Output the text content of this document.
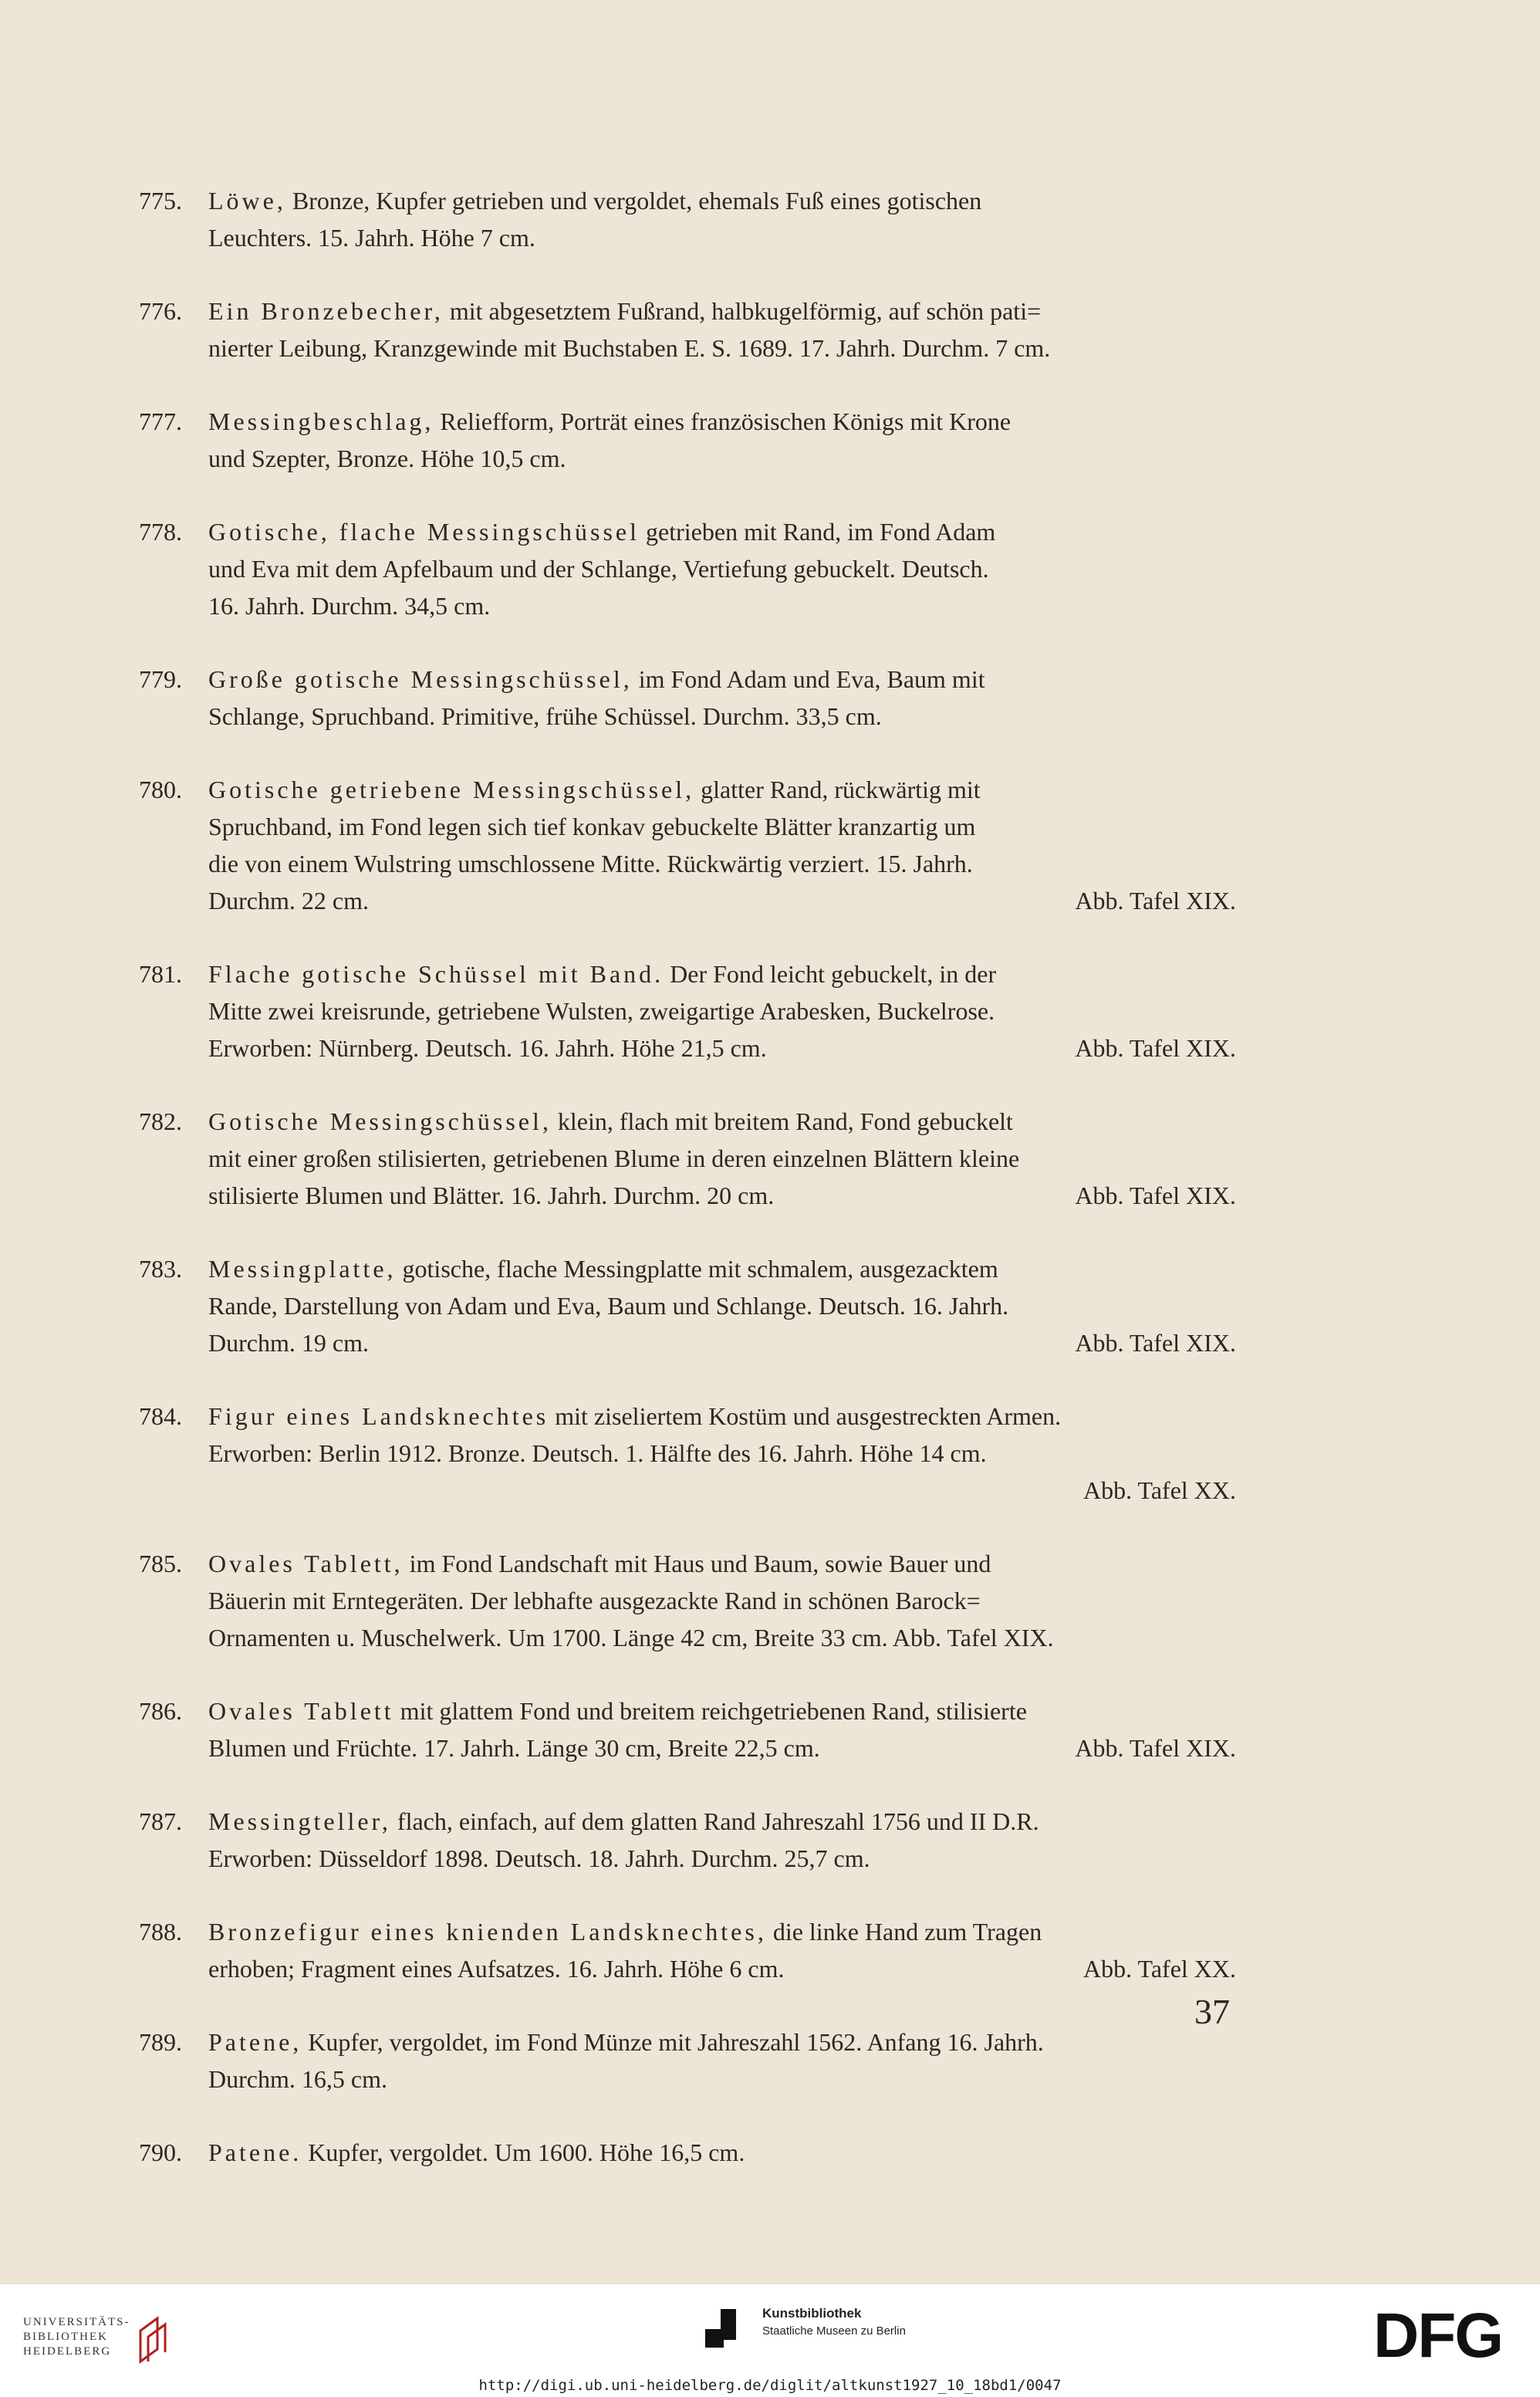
775. Löwe, Bronze, Kupfer getrieben und vergoldet, ehemals Fuß eines gotischen
Leuchters. 15. Jahrh. Höhe 7 cm.
776. Ein Bronzebecher, mit abgesetztem Fußrand, halbkugelförmig, auf schön pati=
nierter Leibung, Kranzgewinde mit Buchstaben E. S. 1689. 17. Jahrh. Durchm. 7 cm.
777. Messingbeschlag, Reliefform, Porträt eines französischen Königs mit Krone
und Szepter, Bronze. Höhe 10,5 cm.
778. Gotische, flache Messingschüssel getrieben mit Rand, im Fond Adam
und Eva mit dem Apfelbaum und der Schlange, Vertiefung gebuckelt. Deutsch.
16. Jahrh. Durchm. 34,5 cm.
779. Große gotische Messingschüssel, im Fond Adam und Eva, Baum mit
Schlange, Spruchband. Primitive, frühe Schüssel. Durchm. 33,5 cm.
780. Gotische getriebene Messingschüssel, glatter Rand, rückwärtig mit
Spruchband, im Fond legen sich tief konkav gebuckelte Blätter kranzartig um
die von einem Wulstring umschlossene Mitte. Rückwärtig verziert. 15. Jahrh.
Durchm. 22 cm.	Abb. Tafel XIX.
781. Flache gotische Schüssel mit Band. Der Fond leicht gebuckelt, in der
Mitte zwei kreisrunde, getriebene Wulsten, zweigartige Arabesken, Buckelrose.
Erworben: Nürnberg. Deutsch. 16. Jahrh. Höhe 21,5 cm.	Abb. Tafel XIX.
782. Gotische Messingschüssel, klein, flach mit breitem Rand, Fond gebuckelt
mit einer großen stilisierten, getriebenen Blume in deren einzelnen Blättern kleine
stilisierte Blumen und Blätter. 16. Jahrh. Durchm. 20 cm.	Abb. Tafel XIX.
783. Messingplatte, gotische, flache Messingplatte mit schmalem, ausgezacktem
Rande, Darstellung von Adam und Eva, Baum und Schlange. Deutsch. 16. Jahrh.
Durchm. 19 cm.	Abb. Tafel XIX.
784. Figur eines Landsknechtes mit ziseliertem Kostüm und ausgestreckten Armen.
Erworben: Berlin 1912. Bronze. Deutsch. 1. Hälfte des 16. Jahrh. Höhe 14 cm.
Abb. Tafel XX.
785. Ovales Tablett, im Fond Landschaft mit Haus und Baum, sowie Bauer und
Bäuerin mit Erntegeräten. Der lebhafte ausgezackte Rand in schönen Barock=
Ornamenten u. Muschelwerk. Um 1700. Länge 42 cm, Breite 33 cm. Abb. Tafel XIX.
786. Ovales Tablett mit glattem Fond und breitem reichgetriebenen Rand, stilisierte
Blumen und Früchte. 17. Jahrh. Länge 30 cm, Breite 22,5 cm.	Abb. Tafel XIX.
787. Messingteller, flach, einfach, auf dem glatten Rand Jahreszahl 1756 und II D.R.
Erworben: Düsseldorf 1898. Deutsch. 18. Jahrh. Durchm. 25,7 cm.
788. Bronzefigur eines knienden Landsknechtes, die linke Hand zum Tragen
erhoben; Fragment eines Aufsatzes. 16. Jahrh. Höhe 6 cm.	Abb. Tafel XX.
789. Patene, Kupfer, vergoldet, im Fond Münze mit Jahreszahl 1562. Anfang 16. Jahrh.
Durchm. 16,5 cm.
790. Patene. Kupfer, vergoldet. Um 1600. Höhe 16,5 cm.
37
UNIVERSITÄTS-
BIBLIOTHEK
HEIDELBERG
Kunstbibliothek
Staatliche Museen zu Berlin	DFG
http://digi.ub.uni-heidelberg.de/diglit/altkunst1927_10_18bd1/0047
